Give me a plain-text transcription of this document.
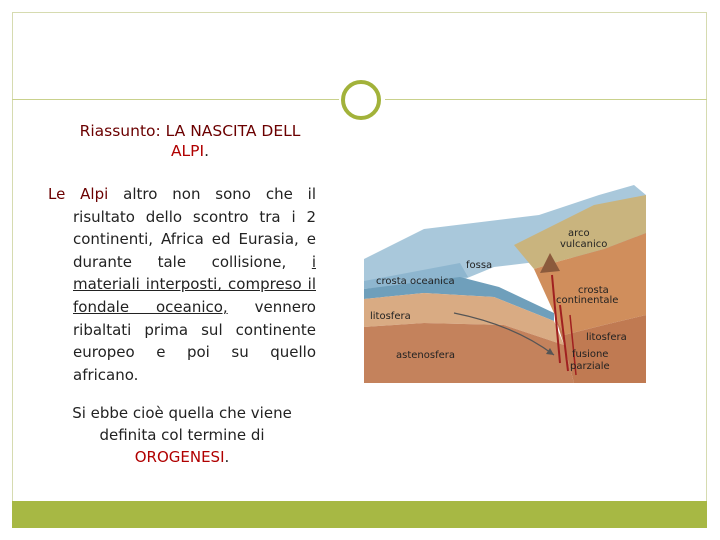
Riassunto: LA NASCITA DELL
ALPI.
Le Alpi altro non sono che il risultato dello scontro tra i 2 continenti, Africa ed Eurasia, e durante tale collisione, i materiali interposti, compreso il fondale oceanico, vennero ribaltati prima sul continente europeo e poi su quello africano.
Si ebbe cioè quella che viene definita col termine di
OROGENESI.
arco
vulcanico
fossa
crosta oceanica
crosta
continentale
litosfera
litosfera
astenosfera	fusione
parziale
